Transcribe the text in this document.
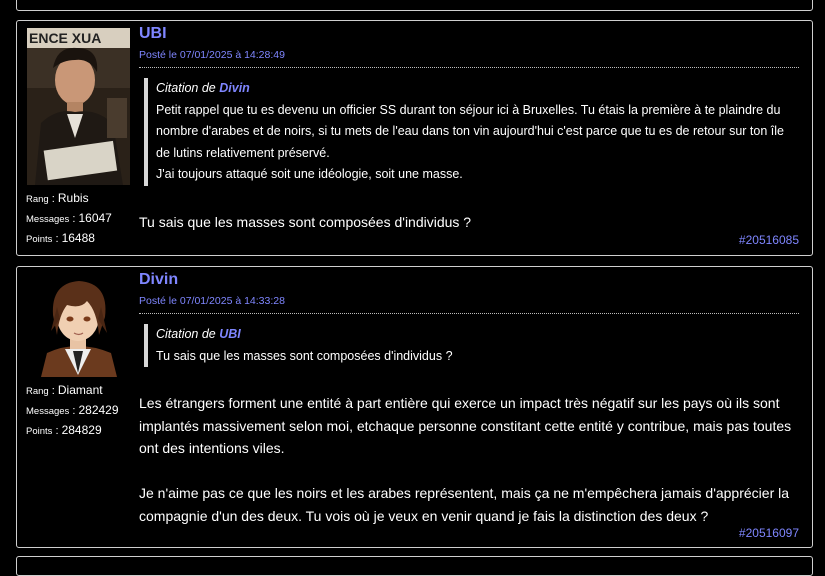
ENCE XUA
Rang : Rubis
Messages : 16047
Points : 16488
UBI
Posté le 07/01/2025 à 14:28:49
Citation de Divin
Petit rappel que tu es devenu un officier SS durant ton séjour ici à Bruxelles. Tu étais la première à te plaindre du nombre d'arabes et de noirs, si tu mets de l'eau dans ton vin aujourd'hui c'est parce que tu es de retour sur ton île de lutins relativement préservé.
J'ai toujours attaqué soit une idéologie, soit une masse.
Tu sais que les masses sont composées d'individus ?
#20516085
Rang : Diamant
Messages : 282429
Points : 284829
Divin
Posté le 07/01/2025 à 14:33:28
Citation de UBI
Tu sais que les masses sont composées d'individus ?
Les étrangers forment une entité à part entière qui exerce un impact très négatif sur les pays où ils sont implantés massivement selon moi, etchaque personne constitant cette entité y contribue, mais pas toutes ont des intentions viles.
Je n'aime pas ce que les noirs et les arabes représentent, mais ça ne m'empêchera jamais d'apprécier la compagnie d'un des deux. Tu vois où je veux en venir quand je fais la distinction des deux ?
#20516097
